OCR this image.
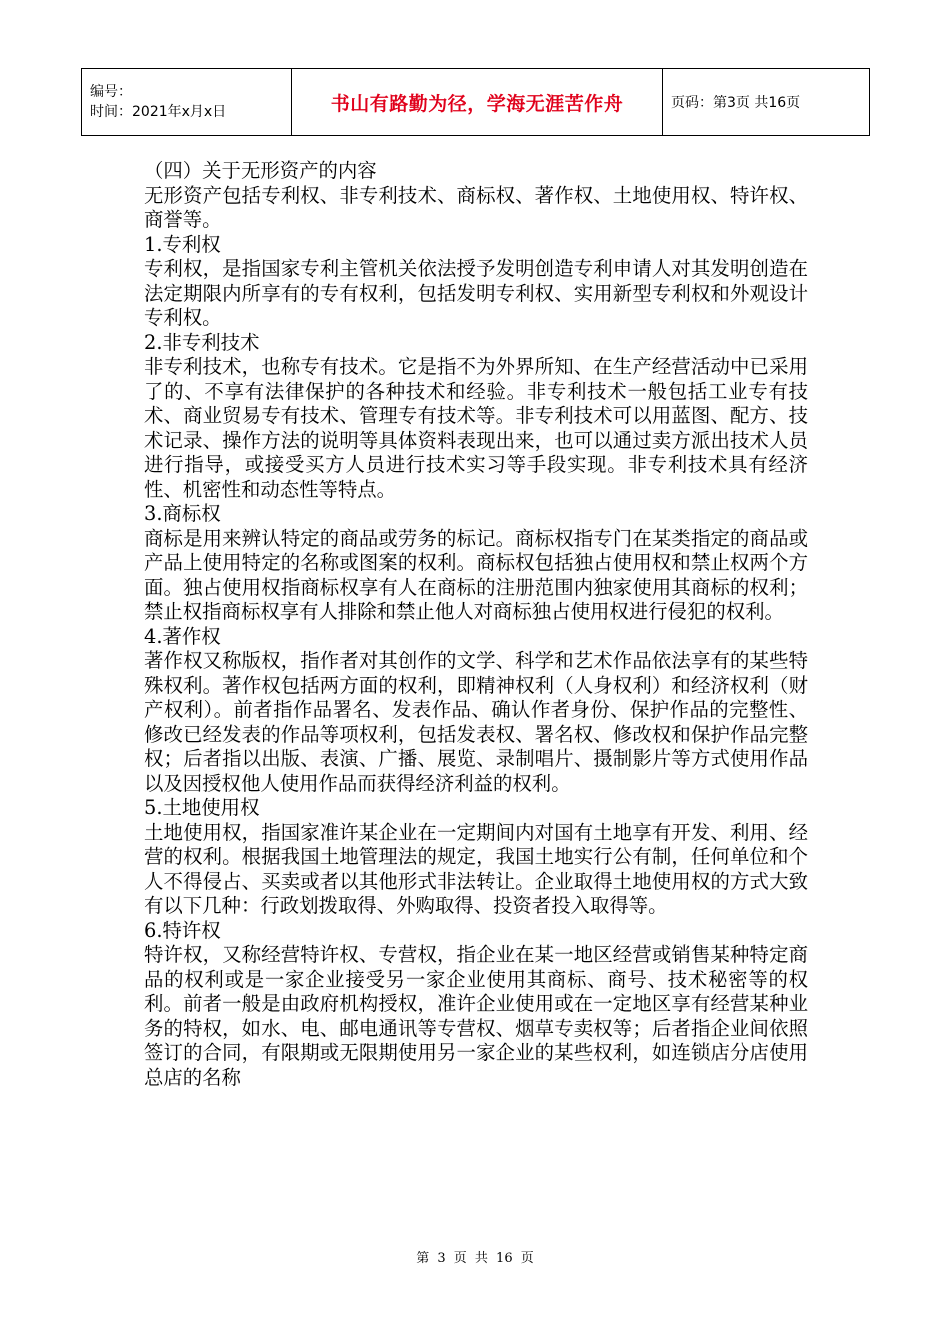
编号：
时间：2021年x月x日	书山有路勤为径，学海无涯苦作舟	页码：第3页 共16页

（四）关于无形资产的内容

无形资产包括专利权、非专利技术、商标权、著作权、土地使用权、特许权、商誉等。

1.专利权

专利权，是指国家专利主管机关依法授予发明创造专利申请人对其发明创造在法定期限内所享有的专有权利，包括发明专利权、实用新型专利权和外观设计专利权。

2.非专利技术

非专利技术，也称专有技术。它是指不为外界所知、在生产经营活动中已采用了的、不享有法律保护的各种技术和经验。非专利技术一般包括工业专有技术、商业贸易专有技术、管理专有技术等。非专利技术可以用蓝图、配方、技术记录、操作方法的说明等具体资料表现出来，也可以通过卖方派出技术人员进行指导，或接受买方人员进行技术实习等手段实现。非专利技术具有经济性、机密性和动态性等特点。

3.商标权

商标是用来辨认特定的商品或劳务的标记。商标权指专门在某类指定的商品或产品上使用特定的名称或图案的权利。商标权包括独占使用权和禁止权两个方面。独占使用权指商标权享有人在商标的注册范围内独家使用其商标的权利；禁止权指商标权享有人排除和禁止他人对商标独占使用权进行侵犯的权利。

4.著作权

著作权又称版权，指作者对其创作的文学、科学和艺术作品依法享有的某些特殊权利。著作权包括两方面的权利，即精神权利（人身权利）和经济权利（财产权利）。前者指作品署名、发表作品、确认作者身份、保护作品的完整性、修改已经发表的作品等项权利，包括发表权、署名权、修改权和保护作品完整权；后者指以出版、表演、广播、展览、录制唱片、摄制影片等方式使用作品以及因授权他人使用作品而获得经济利益的权利。

5.土地使用权

土地使用权，指国家准许某企业在一定期间内对国有土地享有开发、利用、经营的权利。根据我国土地管理法的规定，我国土地实行公有制，任何单位和个人不得侵占、买卖或者以其他形式非法转让。企业取得土地使用权的方式大致有以下几种：行政划拨取得、外购取得、投资者投入取得等。

6.特许权

特许权，又称经营特许权、专营权，指企业在某一地区经营或销售某种特定商品的权利或是一家企业接受另一家企业使用其商标、商号、技术秘密等的权利。前者一般是由政府机构授权，准许企业使用或在一定地区享有经营某种业务的特权，如水、电、邮电通讯等专营权、烟草专卖权等；后者指企业间依照签订的合同，有限期或无限期使用另一家企业的某些权利，如连锁店分店使用总店的名称

第 3 页 共 16 页
